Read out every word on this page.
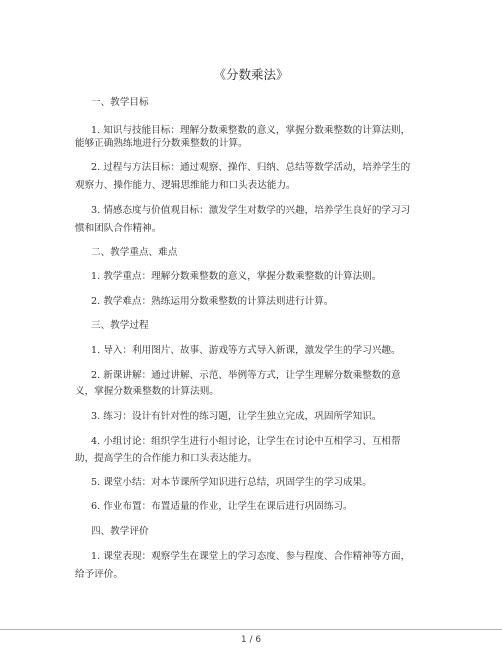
《分数乘法》
一、教学目标
1. 知识与技能目标：理解分数乘整数的意义，掌握分数乘整数的计算法则，
能够正确熟练地进行分数乘整数的计算。
2. 过程与方法目标：通过观察、操作、归纳、总结等数学活动，培养学生的
观察力、操作能力、逻辑思维能力和口头表达能力。
3. 情感态度与价值观目标：激发学生对数学的兴趣，培养学生良好的学习习
惯和团队合作精神。
二、教学重点、难点
1. 教学重点：理解分数乘整数的意义，掌握分数乘整数的计算法则。
2. 教学难点：熟练运用分数乘整数的计算法则进行计算。
三、教学过程
1. 导入：利用图片、故事、游戏等方式导入新课，激发学生的学习兴趣。
2. 新课讲解：通过讲解、示范、举例等方式，让学生理解分数乘整数的意
义，掌握分数乘整数的计算法则。
3. 练习：设计有针对性的练习题，让学生独立完成，巩固所学知识。
4. 小组讨论：组织学生进行小组讨论，让学生在讨论中互相学习、互相帮
助，提高学生的合作能力和口头表达能力。
5. 课堂小结：对本节课所学知识进行总结，巩固学生的学习成果。
6. 作业布置：布置适量的作业，让学生在课后进行巩固练习。
四、教学评价
1. 课堂表现：观察学生在课堂上的学习态度、参与程度、合作精神等方面，
给予评价。
1 / 6
